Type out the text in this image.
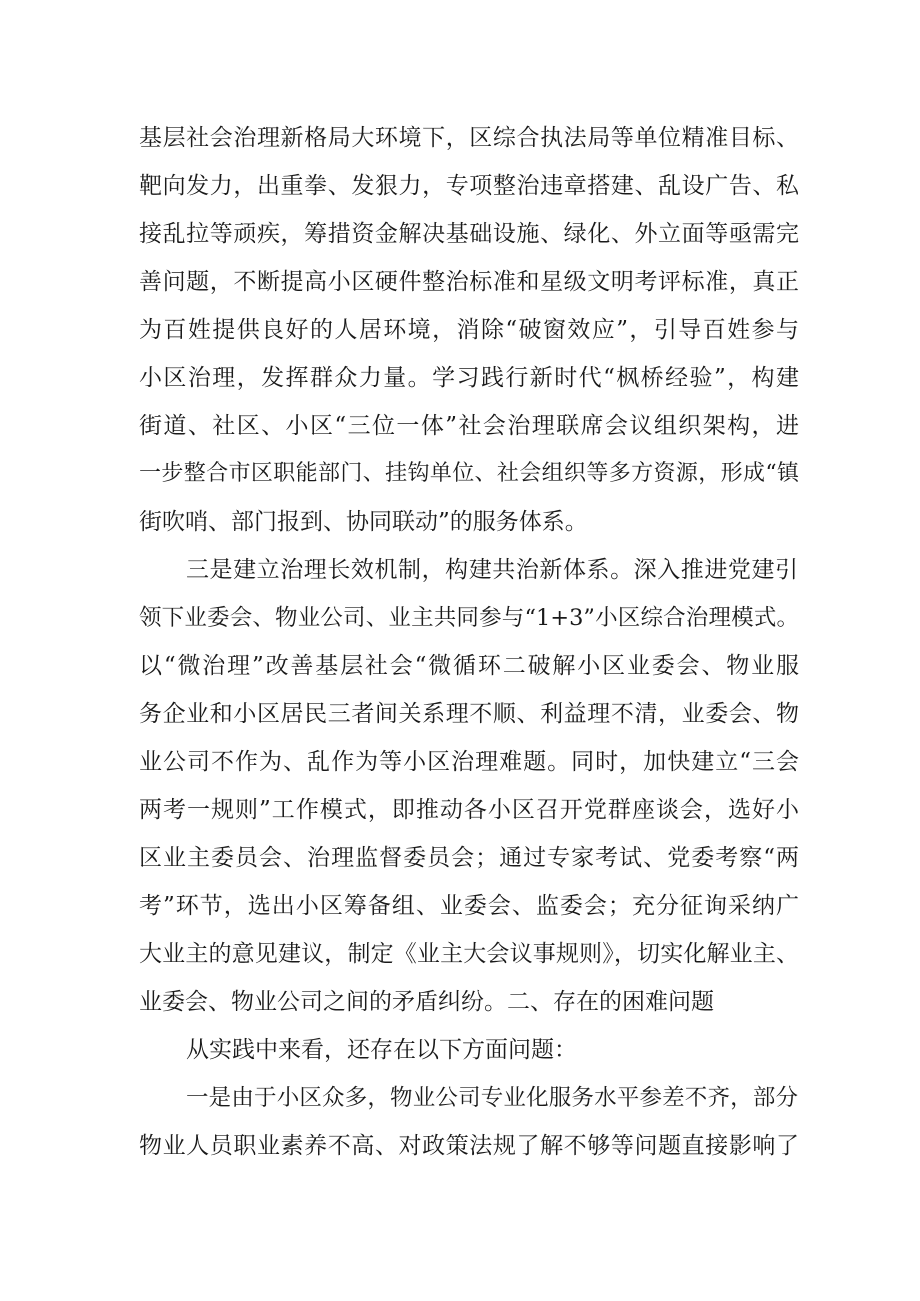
基层社会治理新格局大环境下，区综合执法局等单位精准目标、
靶向发力，出重拳、发狠力，专项整治违章搭建、乱设广告、私
接乱拉等顽疾，筹措资金解决基础设施、绿化、外立面等亟需完
善问题，不断提高小区硬件整治标准和星级文明考评标准，真正
为百姓提供良好的人居环境，消除“破窗效应”，引导百姓参与
小区治理，发挥群众力量。学习践行新时代“枫桥经验”，构建
街道、社区、小区“三位一体”社会治理联席会议组织架构，进
一步整合市区职能部门、挂钩单位、社会组织等多方资源，形成“镇
街吹哨、部门报到、协同联动”的服务体系。
三是建立治理长效机制，构建共治新体系。深入推进党建引
领下业委会、物业公司、业主共同参与“1+3”小区综合治理模式。
以“微治理”改善基层社会“微循环二破解小区业委会、物业服
务企业和小区居民三者间关系理不顺、利益理不清，业委会、物
业公司不作为、乱作为等小区治理难题。同时，加快建立“三会
两考一规则”工作模式，即推动各小区召开党群座谈会，选好小
区业主委员会、治理监督委员会；通过专家考试、党委考察“两
考”环节，选出小区筹备组、业委会、监委会；充分征询采纳广
大业主的意见建议，制定《业主大会议事规则》，切实化解业主、
业委会、物业公司之间的矛盾纠纷。二、存在的困难问题
从实践中来看，还存在以下方面问题：
一是由于小区众多，物业公司专业化服务水平参差不齐，部分
物业人员职业素养不高、对政策法规了解不够等问题直接影响了
